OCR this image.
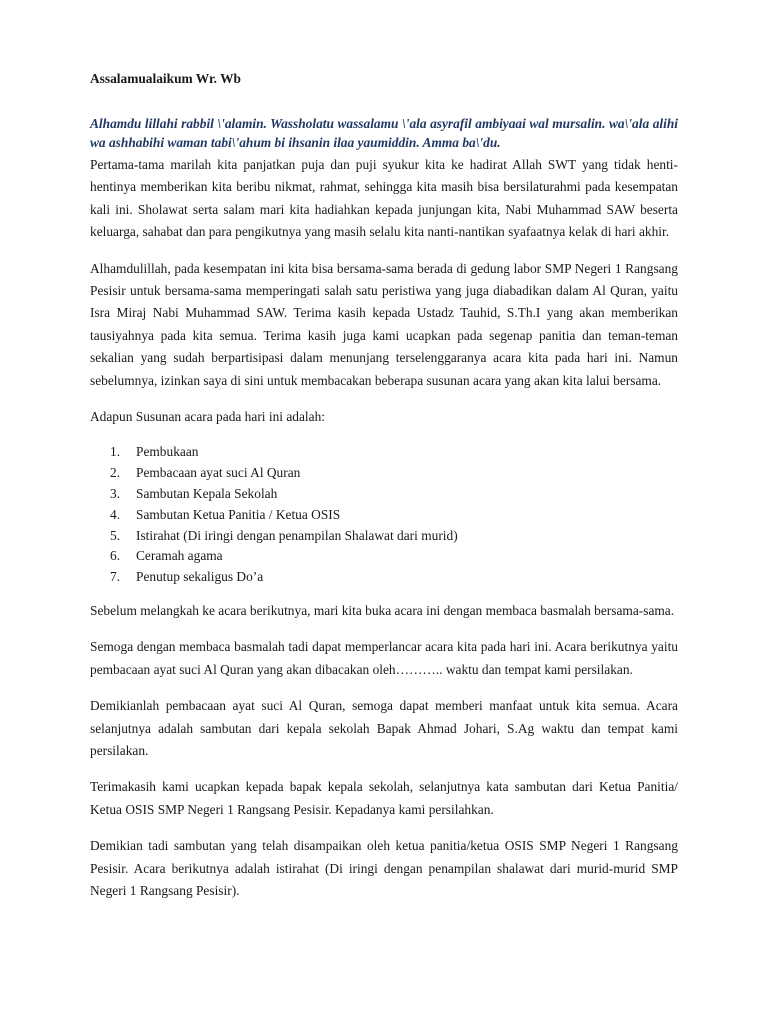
Assalamualaikum Wr. Wb
Alhamdu lillahi rabbil \'alamin. Wassholatu wassalamu \'ala asyrafil ambiyaai wal mursalin. wa\'ala alihi wa ashhabihi waman tabi\'ahum bi ihsanin ilaa yaumiddin. Amma ba\'du.

Pertama-tama marilah kita panjatkan puja dan puji syukur kita ke hadirat Allah SWT yang tidak henti-hentinya memberikan kita beribu nikmat, rahmat, sehingga kita masih bisa bersilaturahmi pada kesempatan kali ini. Sholawat serta salam mari kita hadiahkan kepada junjungan kita, Nabi Muhammad SAW beserta keluarga, sahabat dan para pengikutnya yang masih selalu kita nanti-nantikan syafaatnya kelak di hari akhir.

Alhamdulillah, pada kesempatan ini kita bisa bersama-sama berada di gedung labor SMP Negeri 1 Rangsang Pesisir untuk bersama-sama memperingati salah satu peristiwa yang juga diabadikan dalam Al Quran, yaitu Isra Miraj Nabi Muhammad SAW. Terima kasih kepada Ustadz Tauhid, S.Th.I yang akan memberikan tausiyahnya pada kita semua. Terima kasih juga kami ucapkan pada segenap panitia dan teman-teman sekalian yang sudah berpartisipasi dalam menunjang terselenggaranya acara kita pada hari ini. Namun sebelumnya, izinkan saya di sini untuk membacakan beberapa susunan acara yang akan kita lalui bersama.

Adapun Susunan acara pada hari ini adalah:

1.	Pembukaan
2.	Pembacaan ayat suci Al Quran
3.	Sambutan Kepala Sekolah
4.	Sambutan Ketua Panitia / Ketua OSIS
5.	Istirahat (Di iringi dengan penampilan Shalawat dari murid)
6.	Ceramah agama
7.	Penutup sekaligus Do’a

Sebelum melangkah ke acara berikutnya, mari kita buka acara ini dengan membaca basmalah bersama-sama.

Semoga dengan membaca basmalah tadi dapat memperlancar acara kita pada hari ini. Acara berikutnya yaitu pembacaan ayat suci Al Quran yang akan dibacakan oleh……….. waktu dan tempat kami persilakan.

Demikianlah pembacaan ayat suci Al Quran, semoga dapat memberi manfaat untuk kita semua. Acara selanjutnya adalah sambutan dari kepala sekolah Bapak Ahmad Johari, S.Ag waktu dan tempat kami persilakan.

Terimakasih kami ucapkan kepada bapak kepala sekolah, selanjutnya kata sambutan dari Ketua Panitia/ Ketua OSIS SMP Negeri 1 Rangsang Pesisir. Kepadanya kami persilahkan.

Demikian tadi sambutan yang telah disampaikan oleh ketua panitia/ketua OSIS SMP Negeri 1 Rangsang Pesisir. Acara berikutnya adalah istirahat (Di iringi dengan penampilan shalawat dari murid-murid SMP Negeri 1 Rangsang Pesisir).
